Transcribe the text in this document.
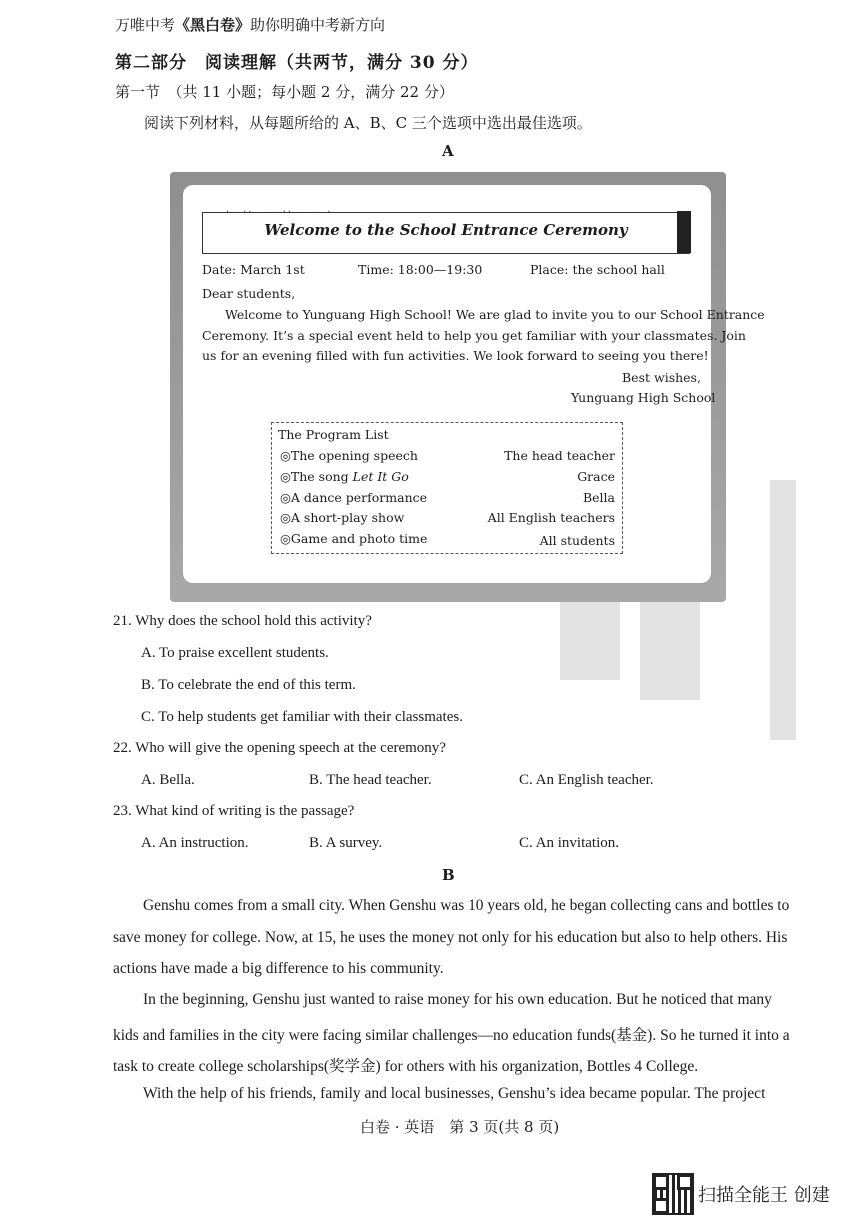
万唯中考《黑白卷》助你明确中考新方向
第二部分　阅读理解（共两节，满分 30 分）
第一节　（共 11 小题；每小题 2 分，满分 22 分）
阅读下列材料，从每题所给的 A、B、C 三个选项中选出最佳选项。
A
Welcome to the School Entrance Ceremony
Date: March 1st	Time: 18:00—19:30	Place: the school hall
Dear students,
Welcome to Yunguang High School! We are glad to invite you to our School Entrance
Ceremony. It’s a special event held to help you get familiar with your classmates. Join
us for an evening filled with fun activities. We look forward to seeing you there!
Best wishes,
Yunguang High School
The Program List
◎The opening speech	The head teacher
◎The song Let It Go	Grace
◎A dance performance	Bella
◎A short-play show	All English teachers
◎Game and photo time	All students
21. Why does the school hold this activity?
A. To praise excellent students.
B. To celebrate the end of this term.
C. To help students get familiar with their classmates.
22. Who will give the opening speech at the ceremony?
A. Bella.	B. The head teacher.	C. An English teacher.
23. What kind of writing is the passage?
A. An instruction.	B. A survey.	C. An invitation.
B
Genshu comes from a small city. When Genshu was 10 years old, he began collecting cans and bottles to
save money for college. Now, at 15, he uses the money not only for his education but also to help others. His
actions have made a big difference to his community.
In the beginning, Genshu just wanted to raise money for his own education. But he noticed that many
kids and families in the city were facing similar challenges—no education funds(基金). So he turned it into a
task to create college scholarships(奖学金) for others with his organization, Bottles 4 College.
With the help of his friends, family and local businesses, Genshu’s idea became popular. The project
白卷 · 英语　第 3 页(共 8 页)
扫描全能王 创建
